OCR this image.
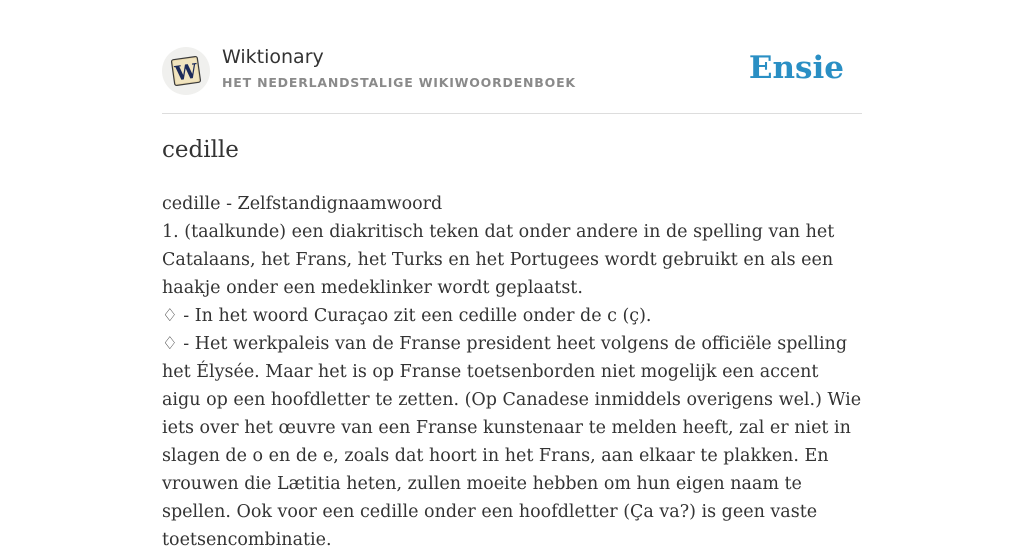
W
Wiktionary
HET NEDERLANDSTALIGE WIKIWOORDENBOEK	Ensie
cedille

cedille - Zelfstandignaamwoord

1. (taalkunde) een diakritisch teken dat onder andere in de spelling van het Catalaans, het Frans, het Turks en het Portugees wordt gebruikt en als een haakje onder een medeklinker wordt geplaatst.

♢ - In het woord Curaçao zit een cedille onder de c (ç).

♢ - Het werkpaleis van de Franse president heet volgens de officiële spelling het Élysée. Maar het is op Franse toetsenborden niet mogelijk een accent aigu op een hoofdletter te zetten. (Op Canadese inmiddels overigens wel.) Wie iets over het œuvre van een Franse kunstenaar te melden heeft, zal er niet in slagen de o en de e, zoals dat hoort in het Frans, aan elkaar te plakken. En vrouwen die Lætitia heten, zullen moeite hebben om hun eigen naam te spellen. Ook voor een cedille onder een hoofdletter (Ça va?) is geen vaste toetsencombinatie.
